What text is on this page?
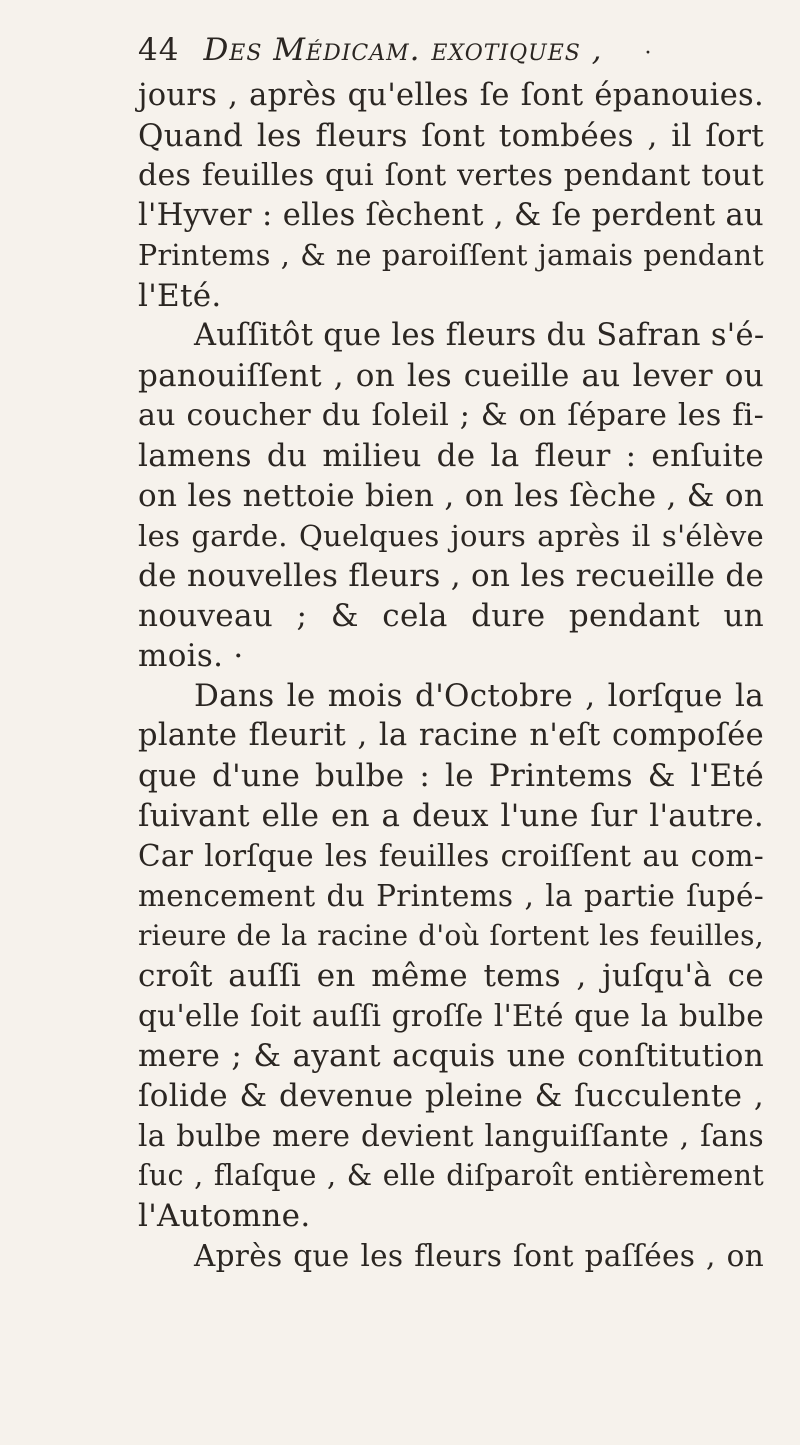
44 Des Médicam. exotiques , ·

jours , après qu'elles ſe ſont épanouies.

Quand les fleurs ſont tombées , il ſort

des feuilles qui ſont vertes pendant tout

l'Hyver : elles ſèchent , & ſe perdent au

Printems , & ne paroiſſent jamais pendant

l'Eté.

Auſſitôt que les fleurs du Safran s'é-

panouiſſent , on les cueille au lever ou

au coucher du ſoleil ; & on ſépare les fi-

lamens du milieu de la fleur : enſuite

on les nettoie bien , on les ſèche , & on

les garde. Quelques jours après il s'élève

de nouvelles fleurs , on les recueille de

nouveau ; & cela dure pendant un

mois. ·

Dans le mois d'Octobre , lorſque la

plante fleurit , la racine n'eſt compoſée

que d'une bulbe : le Printems & l'Eté

ſuivant elle en a deux l'une ſur l'autre.

Car lorſque les feuilles croiſſent au com-

mencement du Printems , la partie ſupé-

rieure de la racine d'où ſortent les feuilles,

croît auſſi en même tems , juſqu'à ce

qu'elle ſoit auſſi groſſe l'Eté que la bulbe

mere ; & ayant acquis une conſtitution

ſolide & devenue pleine & ſucculente ,

la bulbe mere devient languiſſante , ſans

ſuc , flaſque , & elle diſparoît entièrement

l'Automne.

Après que les fleurs ſont paſſées , on
